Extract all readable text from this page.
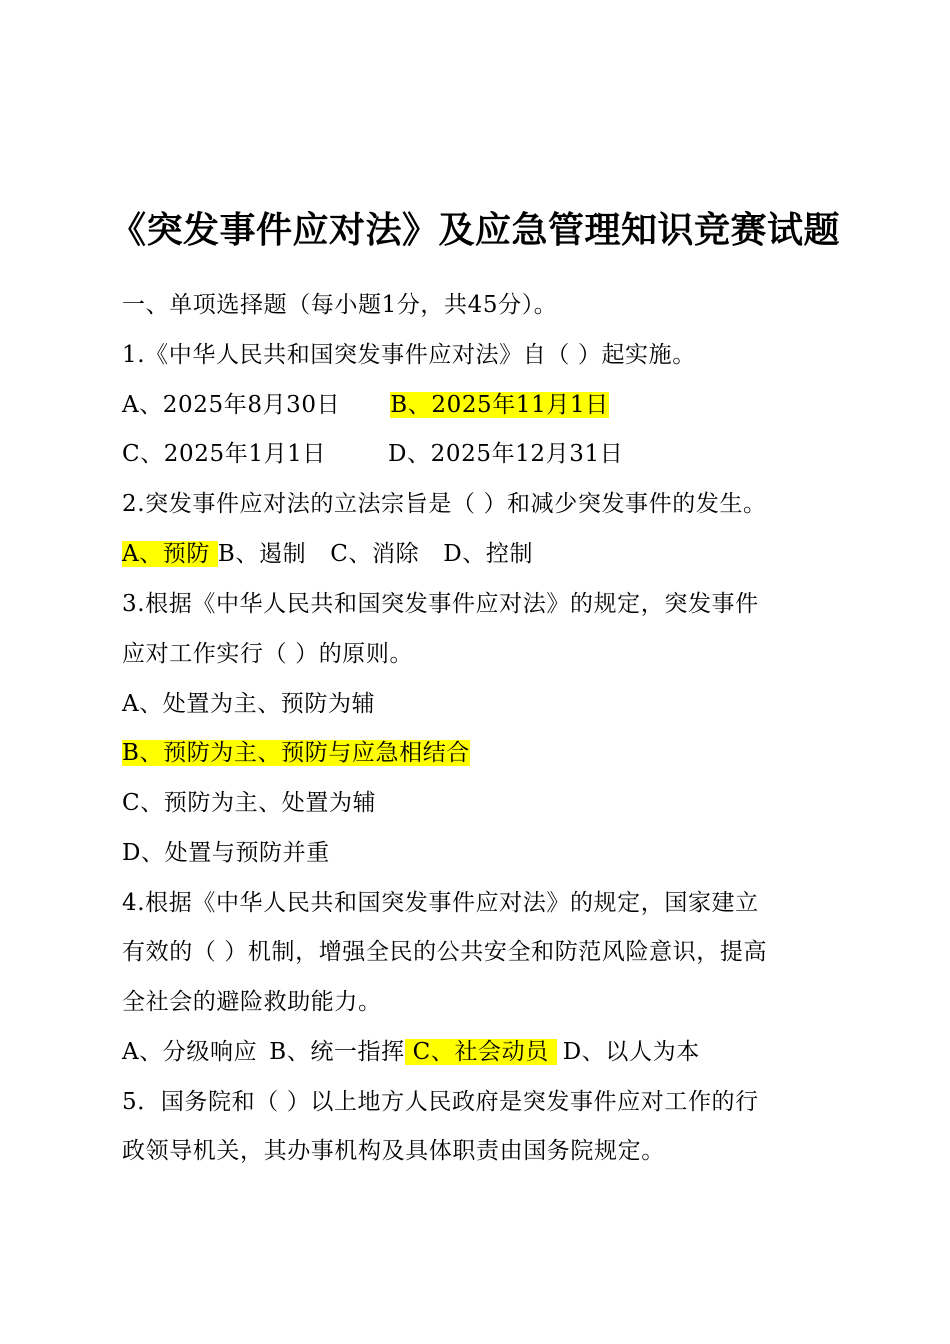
《突发事件应对法》及应急管理知识竞赛试题
一、单项选择题（每小题1分，共45分）。
1.《中华人民共和国突发事件应对法》自（ ）起实施。
A、2025年8月30日 B、2025年11月1日
C、2025年1月1日	D、2025年12月31日
2.突发事件应对法的立法宗旨是（ ）和减少突发事件的发生。
A、预防 B、遏制 C、消除 D、控制
3.根据《中华人民共和国突发事件应对法》的规定，突发事件
应对工作实行（ ）的原则。
A、处置为主、预防为辅
B、预防为主、预防与应急相结合
C、预防为主、处置为辅
D、处置与预防并重
4.根据《中华人民共和国突发事件应对法》的规定，国家建立
有效的（ ）机制，增强全民的公共安全和防范风险意识，提高
全社会的避险救助能力。
A、分级响应 B、统一指挥 C、社会动员 D、以人为本
5．国务院和（ ）以上地方人民政府是突发事件应对工作的行
政领导机关，其办事机构及具体职责由国务院规定。
